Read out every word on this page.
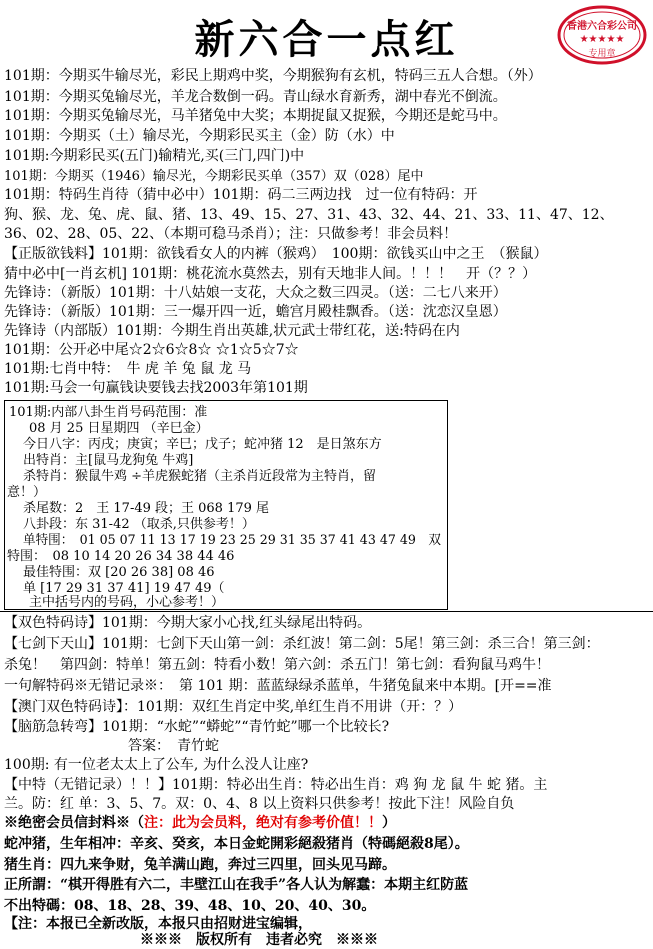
新六合一点红	香港六合彩公司
★★★★★
专用章
101期：今期买牛输尽光，彩民上期鸡中奖，今期猴狗有玄机，特码三五人合想。（外）
101期：今期买兔输尽光，羊龙合数倒一码。青山绿水育新秀，湖中春光不倒流。
101期：今期买兔输尽光，马羊猪兔中大奖；本期捉鼠又捉猴，今期还是蛇马中。
101期：今期买（土）输尽光，今期彩民买主（金）防（水）中
101期:今期彩民买(五门)输精光,买(三门,四门)中
101期：今期买（1946）输尽光，今期彩民买单（357）双（028）尾中
101期：特码生肖待（猜中必中）101期：码二三两边找　过一位有特码：开
狗、猴、龙、兔、虎、鼠、猪、13、49、15、27、31、43、32、44、21、33、11、47、12、
36、02、28、05、22、（本期可稳马杀肖）；注：只做参考！非会员料！
【正版欲钱料】101期：欲钱看女人的内裤（猴鸡）　100期：欲钱买山中之王　（猴鼠）
猜中必中[一肖玄机] 101期：桃花流水莫然去，别有天地非人间。！！！　开（？？）
先锋诗：（新版）101期：十八姑娘一支花，大众之数三四灵。（送：二七八来开）
先锋诗：（新版）101期：三一爆开四一近，蟾宫月殿桂飘香。（送：沈恋汉皇恩）
先锋诗（内部版）101期：今期生肖出英雄,状元武士带红花，送:特码在内
101期：公开必中尾☆2☆6☆8☆ ☆1☆5☆7☆
101期:七肖中特：　牛 虎 羊 兔 鼠 龙 马
101期:马会一句赢钱诀要钱去找2003年第101期
101期:内部八卦生肖号码范围：准
08 月 25 日星期四 （辛巳金）
今日八字：丙戌；庚寅；辛巳；戊子；蛇冲猪 12　是日煞东方
出特肖：主[鼠马龙狗兔 牛鸡]
杀特肖：猴鼠牛鸡 ÷羊虎猴蛇猪（主杀肖近段常为主特肖，留
意！）
杀尾数：2　王 17-49 段；王 068 179 尾
八卦段：东 31-42 （取杀,只供参考！）
单特围：　01 05 07 11 13 17 19 23 25 29 31 35 37 41 43 47 49　双
特围：　08 10 14 20 26 34 38 44 46
最佳特围：双 [20 26 38] 08 46
单 [17 29 31 37 41] 19 47 49（
主中括号内的号码，小心参考！）
【双色特码诗】101期：今期大家小心找,红头绿尾出特码。
【七剑下天山】101期：七剑下天山第一剑：杀红波！第二剑：5尾！第三剑：杀三合！第三剑：
杀兔！　第四剑：特单！第五剑：特看小数！第六剑：杀五门！第七剑：看狗鼠马鸡牛！
一句解特码※无错记录※：　第 101 期：蓝蓝绿绿杀蓝单，牛猪兔鼠来中本期。[开==准
【澳门双色特码诗】：101期：双红生肖定中奖,单红生肖不用讲（开：？）
【脑筋急转弯】101期：“水蛇”“蟒蛇”“青竹蛇”哪一个比较长?
答案：　青竹蛇
100期: 有一位老太太上了公车, 为什么没人让座?
【中特（无错记录）！！】101期：特必出生肖：特必出生肖：鸡 狗 龙 鼠 牛 蛇 猪。主
兰。防：红 单：3、5、7。双：0、4、8 以上资料只供参考！按此下注！风险自负
※绝密会员信封料※（注：此为会员料，绝对有参考价值！！）
蛇冲猪，生年相冲：辛亥、癸亥，本日金蛇開彩絕殺猪肖（特碼絕殺8尾）。
猪生肖：四九来争财，兔羊满山跑，奔过三四里，回头见马蹄。
正所謂：“棋开得胜有六二，丰壁江山在我手”各人认为解蠢：本期主红防蓝
不出特碼：08、18、28、39、48、10、20、40、30。
【注：本报已全新改版，本报只由招财进宝编辑，
※※※　版权所有　违者必究　※※※
